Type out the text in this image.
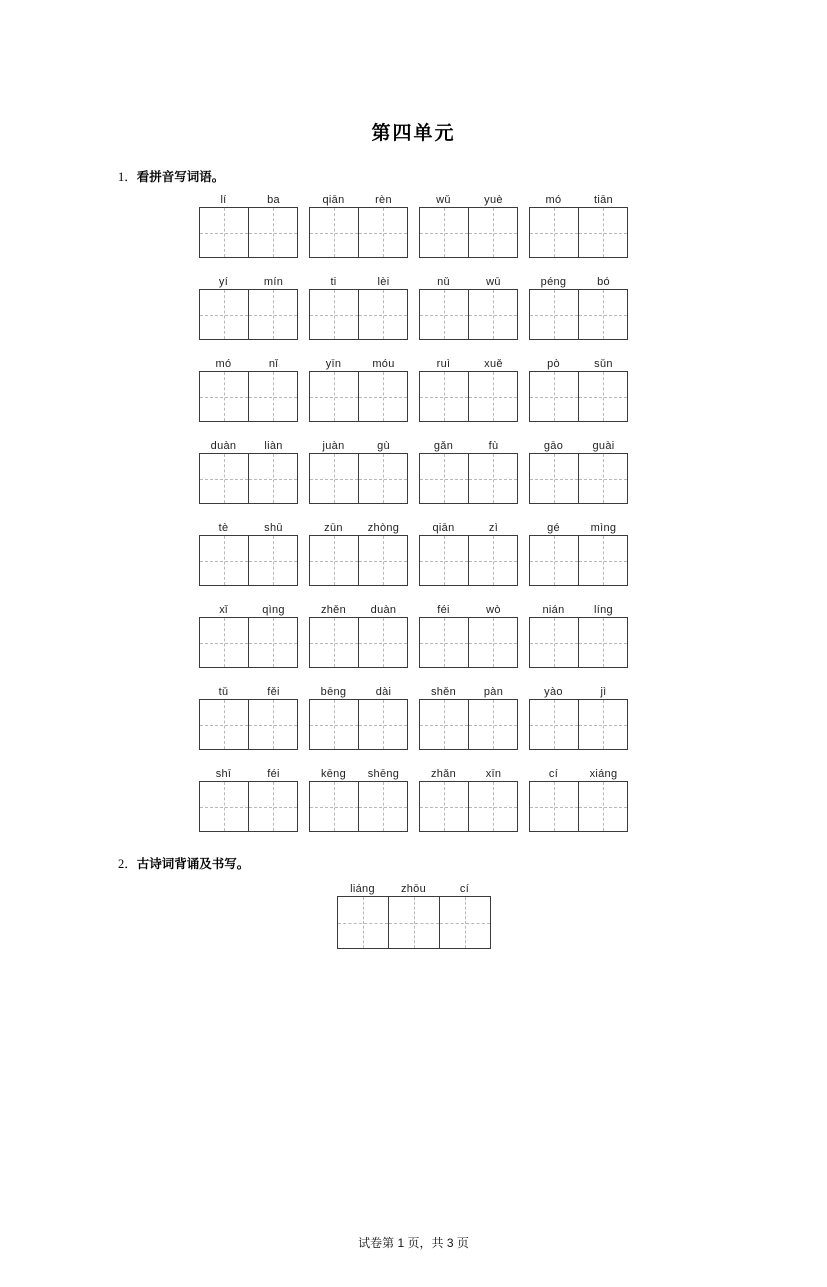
第四单元
1．看拼音写词语。
lí	ba	qiān	rèn	wǔ	yuè	mó	tiān
yí	mín	ti	lèi	nǔ	wū	péng	bó
mó	nǐ	yīn	móu	ruì	xuě	pò	sǔn
duàn	liàn	juàn	gù	gǎn	fù	gāo	guài
tè	shū	zūn	zhòng	qiān	zì	gé	mìng
xǐ	qìng	zhěn	duàn	féi	wò	nián	líng
tǔ	fěi	bēng	dài	shěn	pàn	yào	jì
shī	féi	kēng	shēng	zhǎn	xīn	cí	xiáng
2．古诗词背诵及书写。
liáng	zhōu	cí
试卷第 1 页，共 3 页
